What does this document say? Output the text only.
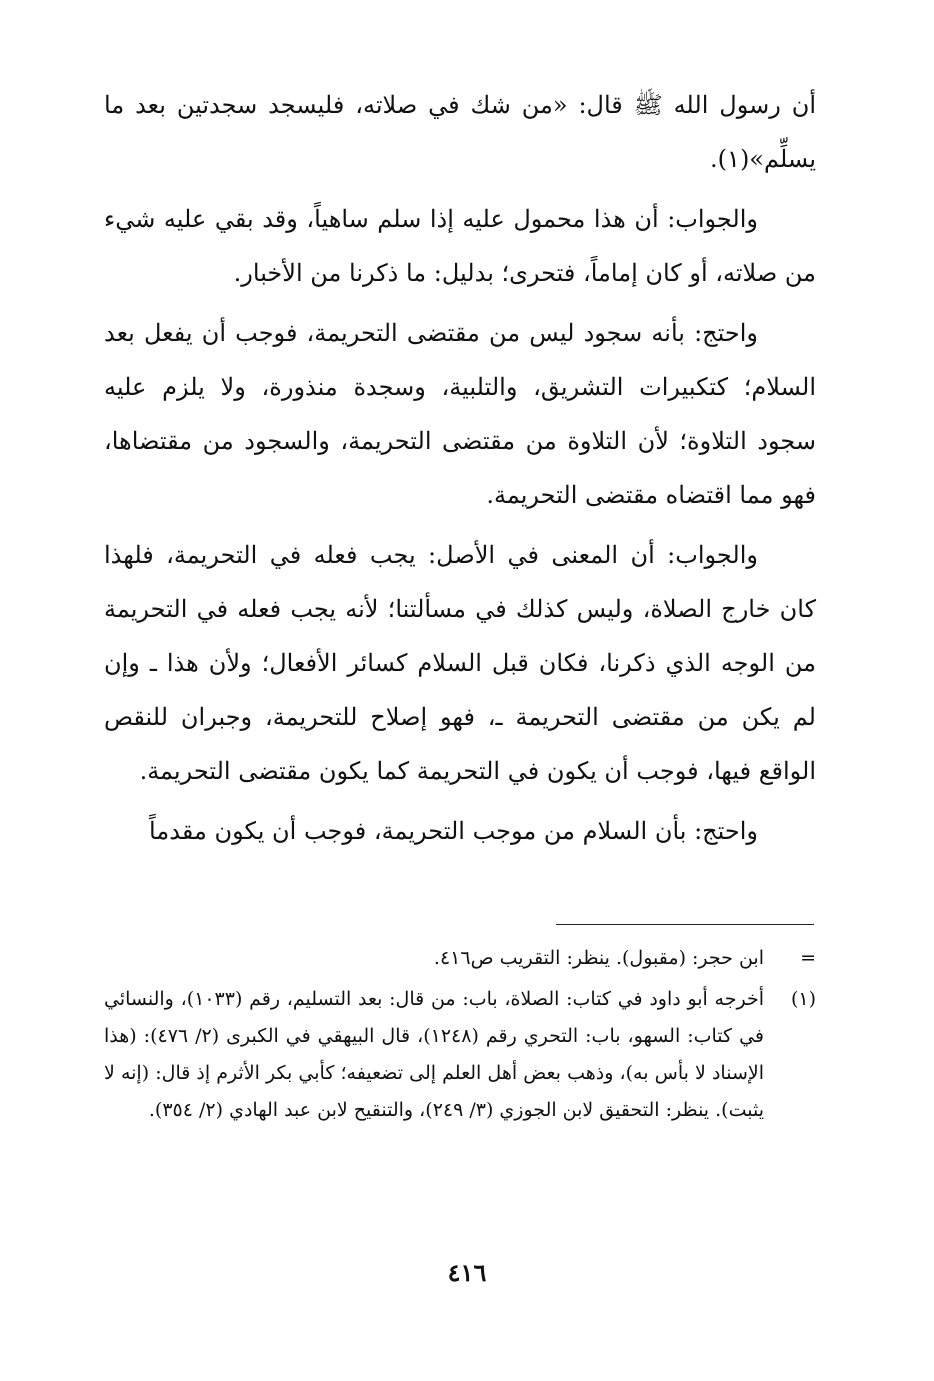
أن رسول الله ﷺ قال: «من شك في صلاته، فليسجد سجدتين بعد ما يسلِّم»(١).

والجواب: أن هذا محمول عليه إذا سلم ساهياً، وقد بقي عليه شيء من صلاته، أو كان إماماً، فتحرى؛ بدليل: ما ذكرنا من الأخبار.

واحتج: بأنه سجود ليس من مقتضى التحريمة، فوجب أن يفعل بعد السلام؛ كتكبيرات التشريق، والتلبية، وسجدة منذورة، ولا يلزم عليه سجود التلاوة؛ لأن التلاوة من مقتضى التحريمة، والسجود من مقتضاها، فهو مما اقتضاه مقتضى التحريمة.

والجواب: أن المعنى في الأصل: يجب فعله في التحريمة، فلهذا كان خارج الصلاة، وليس كذلك في مسألتنا؛ لأنه يجب فعله في التحريمة من الوجه الذي ذكرنا، فكان قبل السلام كسائر الأفعال؛ ولأن هذا ـ وإن لم يكن من مقتضى التحريمة ـ، فهو إصلاح للتحريمة، وجبران للنقص الواقع فيها، فوجب أن يكون في التحريمة كما يكون مقتضى التحريمة.

واحتج: بأن السلام من موجب التحريمة، فوجب أن يكون مقدماً

=
ابن حجر: (مقبول). ينظر: التقريب ص٤١٦.
(١)
أخرجه أبو داود في كتاب: الصلاة، باب: من قال: بعد التسليم، رقم (١٠٣٣)، والنسائي في كتاب: السهو، باب: التحري رقم (١٢٤٨)، قال البيهقي في الكبرى (٢/ ٤٧٦): (هذا الإسناد لا بأس به)، وذهب بعض أهل العلم إلى تضعيفه؛ كأبي بكر الأثرم إذ قال: (إنه لا يثبت). ينظر: التحقيق لابن الجوزي (٣/ ٢٤٩)، والتنقيح لابن عبد الهادي (٢/ ٣٥٤).
٤١٦
